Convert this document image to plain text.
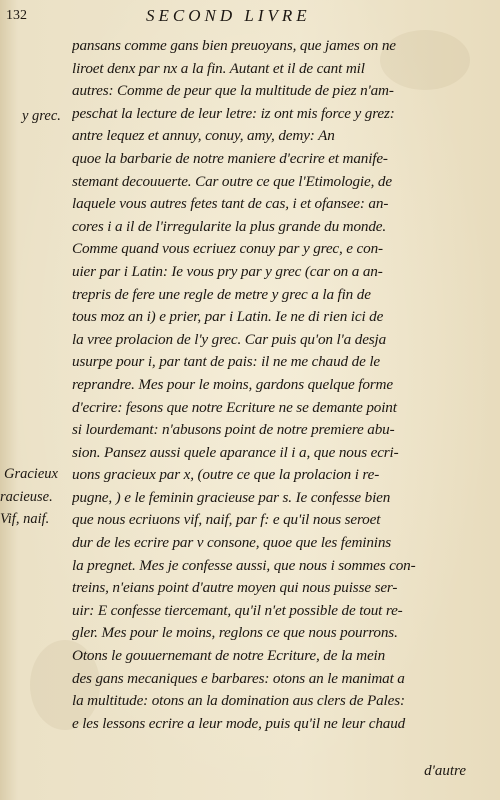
132	SECOND LIVRE
y grec.
Gracieux
racieuse.
Vif, naif.
pansans comme gans bien preuoyans, que james on ne
liroet denx par nx a la fin. Autant et il de cant mil
autres: Comme de peur que la multitude de piez n'am-
peschat la lecture de leur letre: iz ont mis force y grez:
antre lequez et annuy, conuy, amy, demy: An
quoe la barbarie de notre maniere d'ecrire et manife-
stemant decouuerte. Car outre ce que l'Etimologie, de
laquele vous autres fetes tant de cas, i et ofansee: an-
cores i a il de l'irregularite la plus grande du monde.
Comme quand vous ecriuez conuy par y grec, e con-
uier par i Latin: Ie vous pry par y grec (car on a an-
trepris de fere une regle de metre y grec a la fin de
tous moz an i) e prier, par i Latin. Ie ne di rien ici de
la vree prolacion de l'y grec. Car puis qu'on l'a desja
usurpe pour i, par tant de pais: il ne me chaud de le
reprandre. Mes pour le moins, gardons quelque forme
d'ecrire: fesons que notre Ecriture ne se demante point
si lourdemant: n'abusons point de notre premiere abu-
sion. Pansez aussi quele aparance il i a, que nous ecri-
uons gracieux par x, (outre ce que la prolacion i re-
pugne, ) e le feminin gracieuse par s. Ie confesse bien
que nous ecriuons vif, naif, par f: e qu'il nous seroet
dur de les ecrire par v consone, quoe que les feminins
la pregnet. Mes je confesse aussi, que nous i sommes con-
treins, n'eians point d'autre moyen qui nous puisse ser-
uir: E confesse tiercemant, qu'il n'et possible de tout re-
gler. Mes pour le moins, reglons ce que nous pourrons.
Otons le gouuernemant de notre Ecriture, de la mein
des gans mecaniques e barbares: otons an le manimat a
la multitude: otons an la domination aus clers de Pales:
e les lessons ecrire a leur mode, puis qu'il ne leur chaud
d'autre
